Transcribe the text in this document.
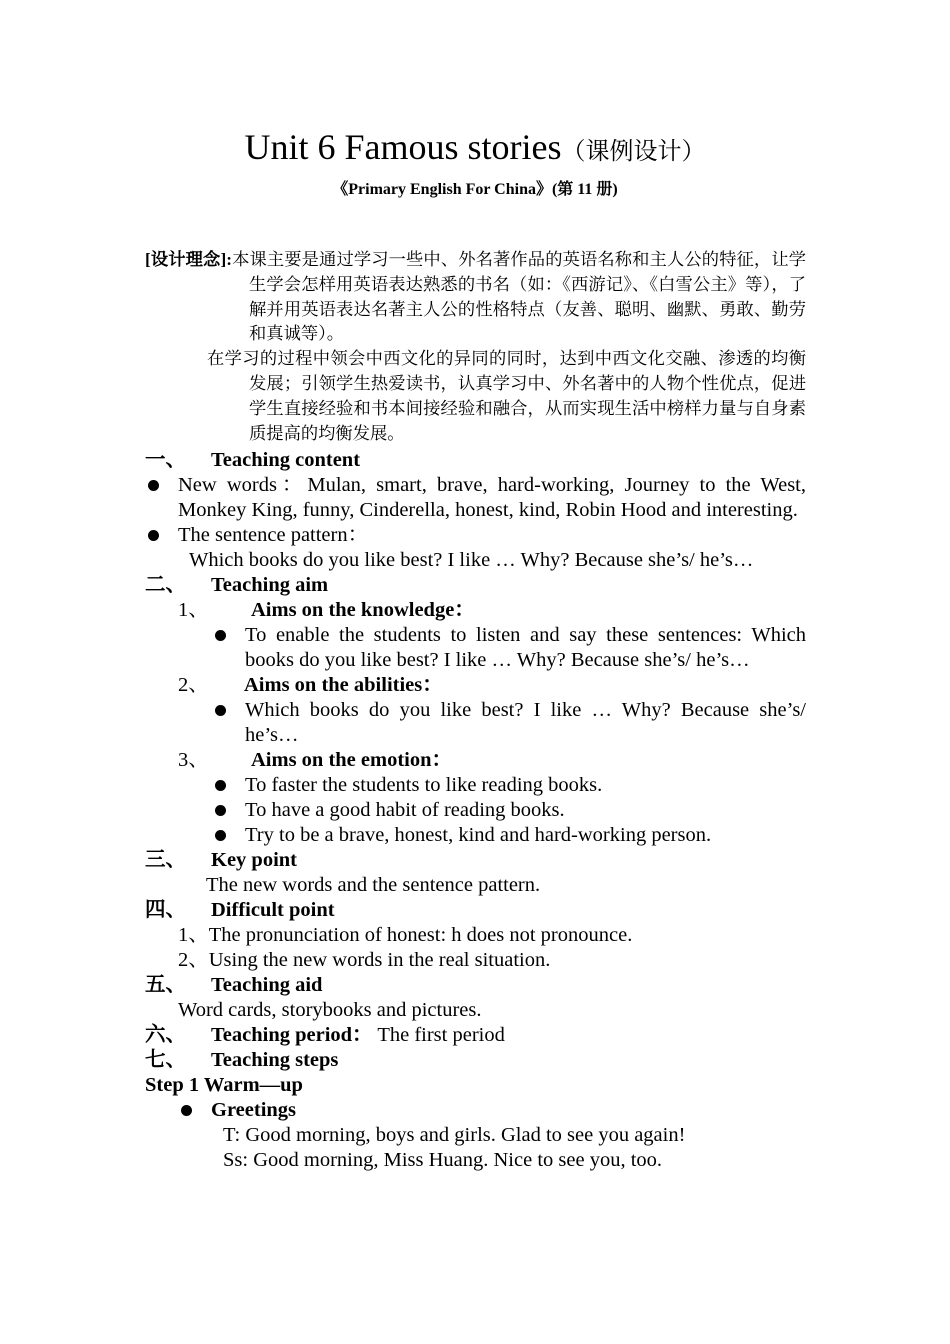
Unit 6 Famous stories（课例设计）
《Primary English For China》(第 11 册)

[设计理念]:本课主要是通过学习一些中、外名著作品的英语名称和主人公的特征，让学生学会怎样用英语表达熟悉的书名（如：《西游记》、《白雪公主》等），了解并用英语表达名著主人公的性格特点（友善、聪明、幽默、勇敢、勤劳和真诚等）。

在学习的过程中领会中西文化的异同的同时，达到中西文化交融、渗透的均衡发展；引领学生热爱读书，认真学习中、外名著中的人物个性优点，促进学生直接经验和书本间接经验和融合，从而实现生活中榜样力量与自身素质提高的均衡发展。

一、 Teaching content
New words：Mulan, smart, brave, hard-working, Journey to the West, Monkey King, funny, Cinderella, honest, kind, Robin Hood and interesting.
The sentence pattern：
Which books do you like best? I like … Why? Because she’s/ he’s…
二、 Teaching aim
1、 Aims on the knowledge：
To enable the students to listen and say these sentences: Which books do you like best? I like … Why? Because she’s/ he’s…
2、 Aims on the abilities：
Which books do you like best? I like … Why? Because she’s/ he’s…
3、 Aims on the emotion：
To faster the students to like reading books.
To have a good habit of reading books.
Try to be a brave, honest, kind and hard-working person.
三、 Key point
The new words and the sentence pattern.
四、 Difficult point
1、The pronunciation of honest: h does not pronounce.
2、Using the new words in the real situation.
五、 Teaching aid
Word cards, storybooks and pictures.
六、 Teaching period： The first period
七、 Teaching steps
Step 1 Warm—up
Greetings
T: Good morning, boys and girls. Glad to see you again!
Ss: Good morning, Miss Huang. Nice to see you, too.
